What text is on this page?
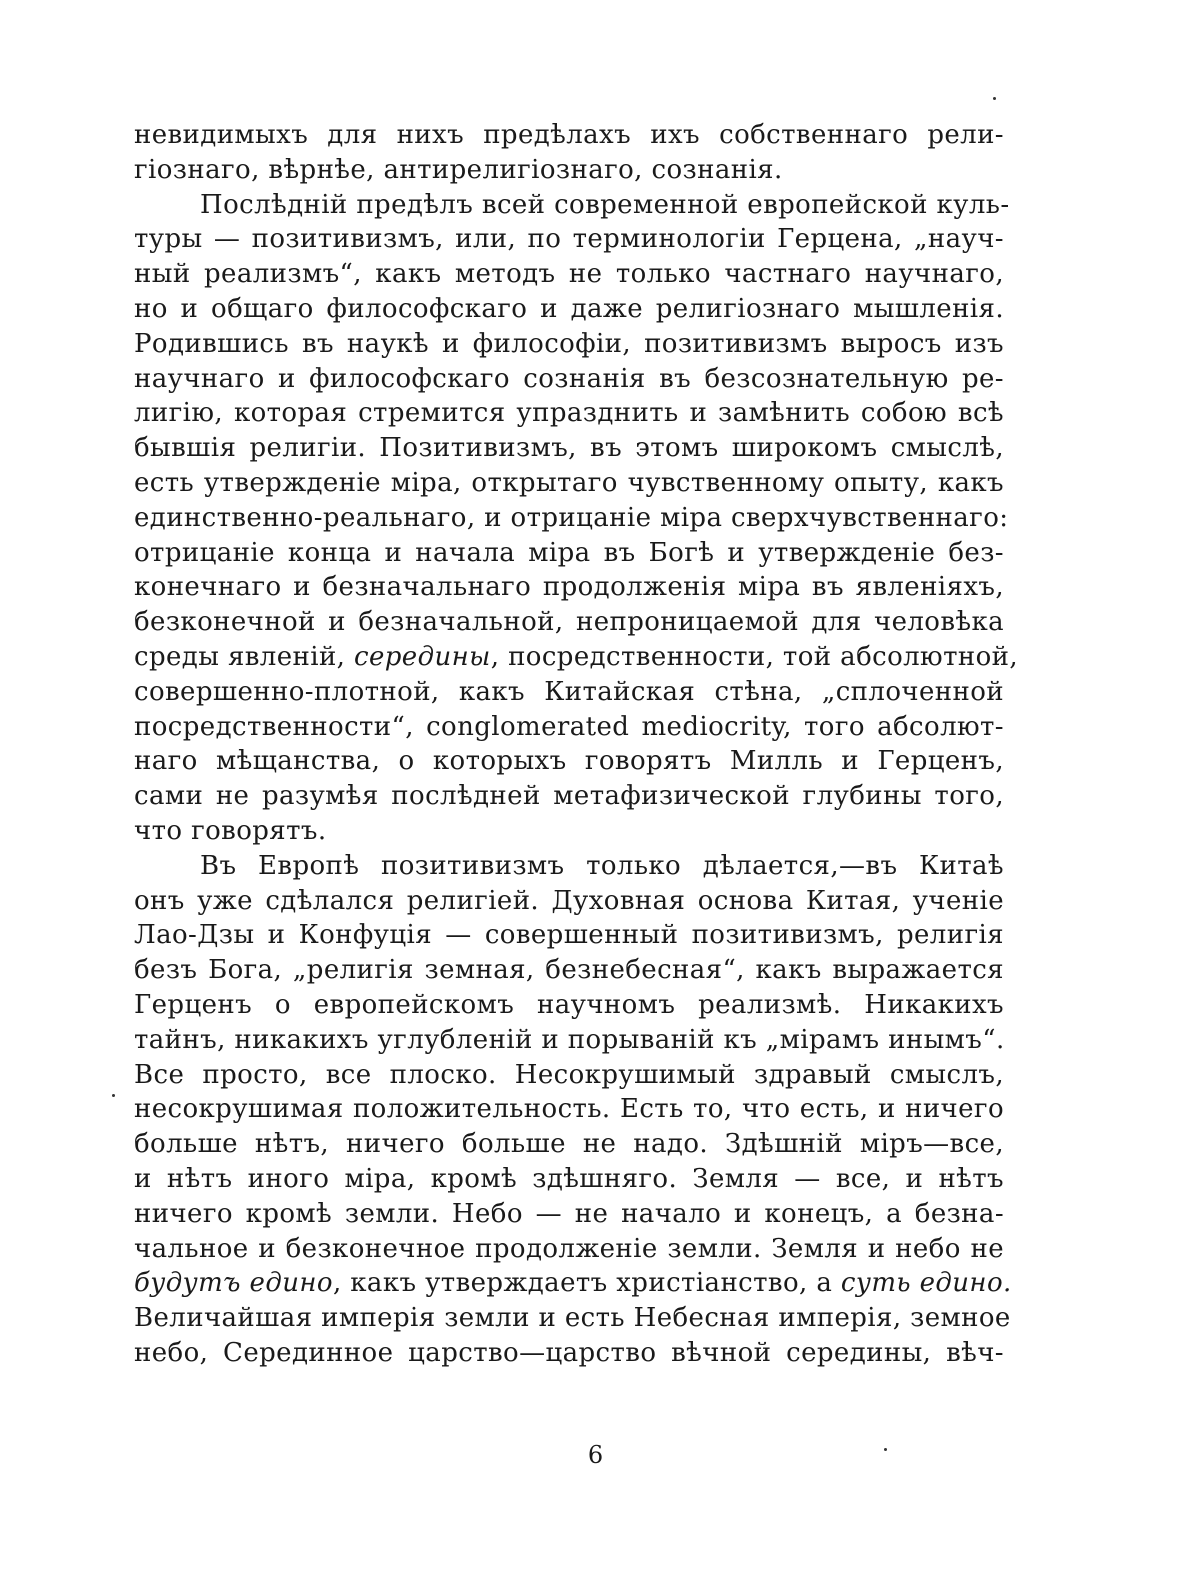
невидимыхъ для нихъ предѣлахъ ихъ собственнаго рели-
гіознаго, вѣрнѣе, антирелигіознаго, сознанія.
Послѣдній предѣлъ всей современной европейской куль-
туры — позитивизмъ, или, по терминологіи Герцена, „науч-
ный реализмъ“, какъ методъ не только частнаго научнаго,
но и общаго философскаго и даже религіознаго мышленія.
Родившись въ наукѣ и философіи, позитивизмъ выросъ изъ
научнаго и философскаго сознанія въ безсознательную ре-
лигію, которая стремится упразднить и замѣнить собою всѣ
бывшія религіи. Позитивизмъ, въ этомъ широкомъ смыслѣ,
есть утвержденіе міра, открытаго чувственному опыту, какъ
единственно-реальнаго, и отрицаніе міра сверхчувственнаго:
отрицаніе конца и начала міра въ Богѣ и утвержденіе без-
конечнаго и безначальнаго продолженія міра въ явленіяхъ,
безконечной и безначальной, непроницаемой для человѣка
среды явленій, середины, посредственности, той абсолютной,
совершенно-плотной, какъ Китайская стѣна, „сплоченной
посредственности“, conglomerated mediocrity, того абсолют-
наго мѣщанства, о которыхъ говорятъ Милль и Герценъ,
сами не разумѣя послѣдней метафизической глубины того,
что говорятъ.
Въ Европѣ позитивизмъ только дѣлается,—въ Китаѣ
онъ уже сдѣлался религіей. Духовная основа Китая, ученіе
Лао-Дзы и Конфуція — совершенный позитивизмъ, религія
безъ Бога, „религія земная, безнебесная“, какъ выражается
Герценъ о европейскомъ научномъ реализмѣ. Никакихъ
тайнъ, никакихъ углубленій и порываній къ „мірамъ инымъ“.
Все просто, все плоско. Несокрушимый здравый смыслъ,
несокрушимая положительность. Есть то, что есть, и ничего
больше нѣтъ, ничего больше не надо. Здѣшній міръ—все,
и нѣтъ иного міра, кромѣ здѣшняго. Земля — все, и нѣтъ
ничего кромѣ земли. Небо — не начало и конецъ, а безна-
чальное и безконечное продолженіе земли. Земля и небо не
будутъ едино, какъ утверждаетъ христіанство, а суть едино.
Величайшая имперія земли и есть Небесная имперія, земное
небо, Серединное царство—царство вѣчной середины, вѣч-
6
